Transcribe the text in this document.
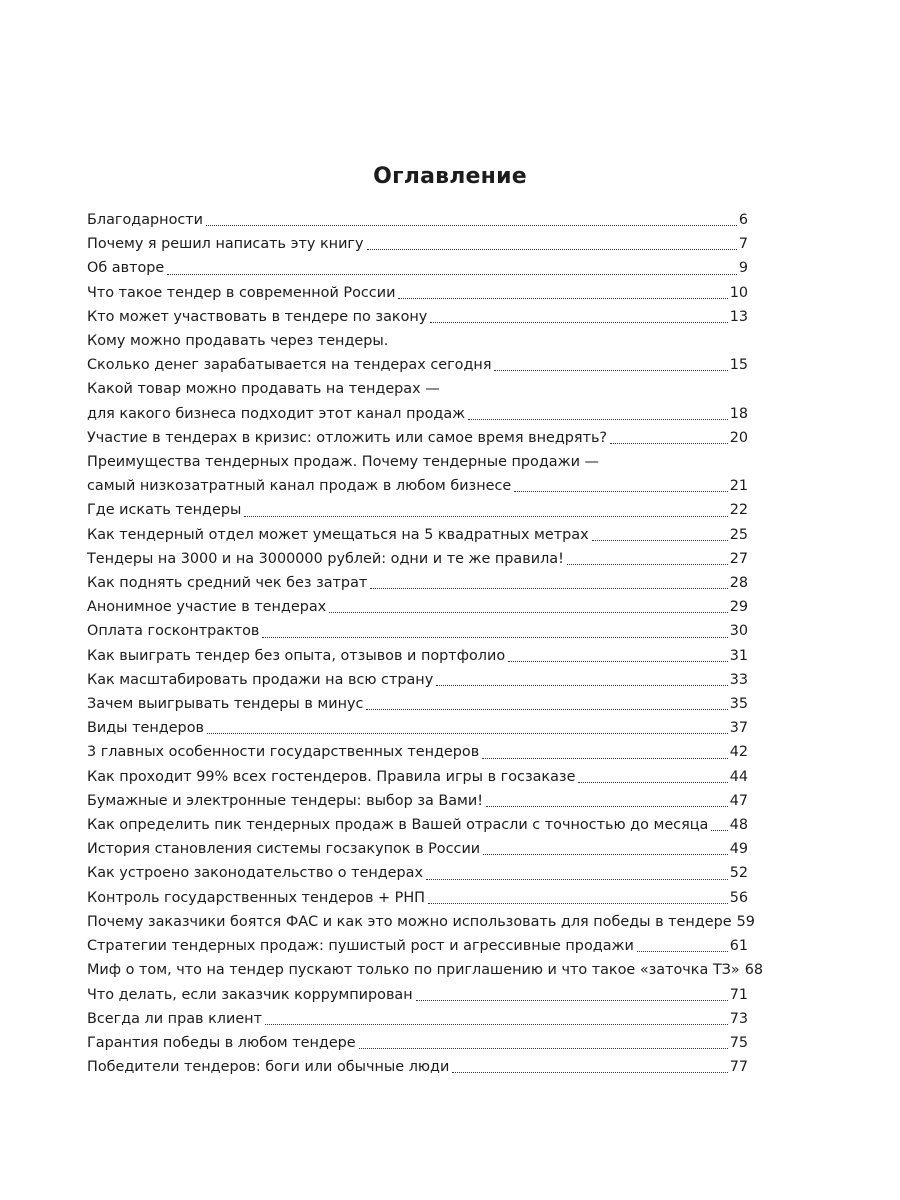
Оглавление
Благодарности	6
Почему я решил написать эту книгу	7
Об авторе	9
Что такое тендер в современной России	10
Кто может участвовать в тендере по закону	13
Кому можно продавать через тендеры.
Сколько денег зарабатывается на тендерах сегодня	15
Какой товар можно продавать на тендерах —
для какого бизнеса подходит этот канал продаж	18
Участие в тендерах в кризис: отложить или самое время внедрять?	20
Преимущества тендерных продаж. Почему тендерные продажи —
самый низкозатратный канал продаж в любом бизнесе	21
Где искать тендеры	22
Как тендерный отдел может умещаться на 5 квадратных метрах	25
Тендеры на 3000 и на 3000000 рублей: одни и те же правила!	27
Как поднять средний чек без затрат	28
Анонимное участие в тендерах	29
Оплата госконтрактов	30
Как выиграть тендер без опыта, отзывов и портфолио	31
Как масштабировать продажи на всю страну	33
Зачем выигрывать тендеры в минус	35
Виды тендеров	37
3 главных особенности государственных тендеров	42
Как проходит 99% всех гостендеров. Правила игры в госзаказе	44
Бумажные и электронные тендеры: выбор за Вами!	47
Как определить пик тендерных продаж в Вашей отрасли с точностью до месяца 48
История становления системы госзакупок в России	49
Как устроено законодательство о тендерах	52
Контроль государственных тендеров + РНП	56
Почему заказчики боятся ФАС и как это можно использовать для победы в тендере 59
Стратегии тендерных продаж: пушистый рост и агрессивные продажи	61
Миф о том, что на тендер пускают только по приглашению и что такое «заточка ТЗ» 68
Что делать, если заказчик коррумпирован	71
Всегда ли прав клиент	73
Гарантия победы в любом тендере	75
Победители тендеров: боги или обычные люди	77
